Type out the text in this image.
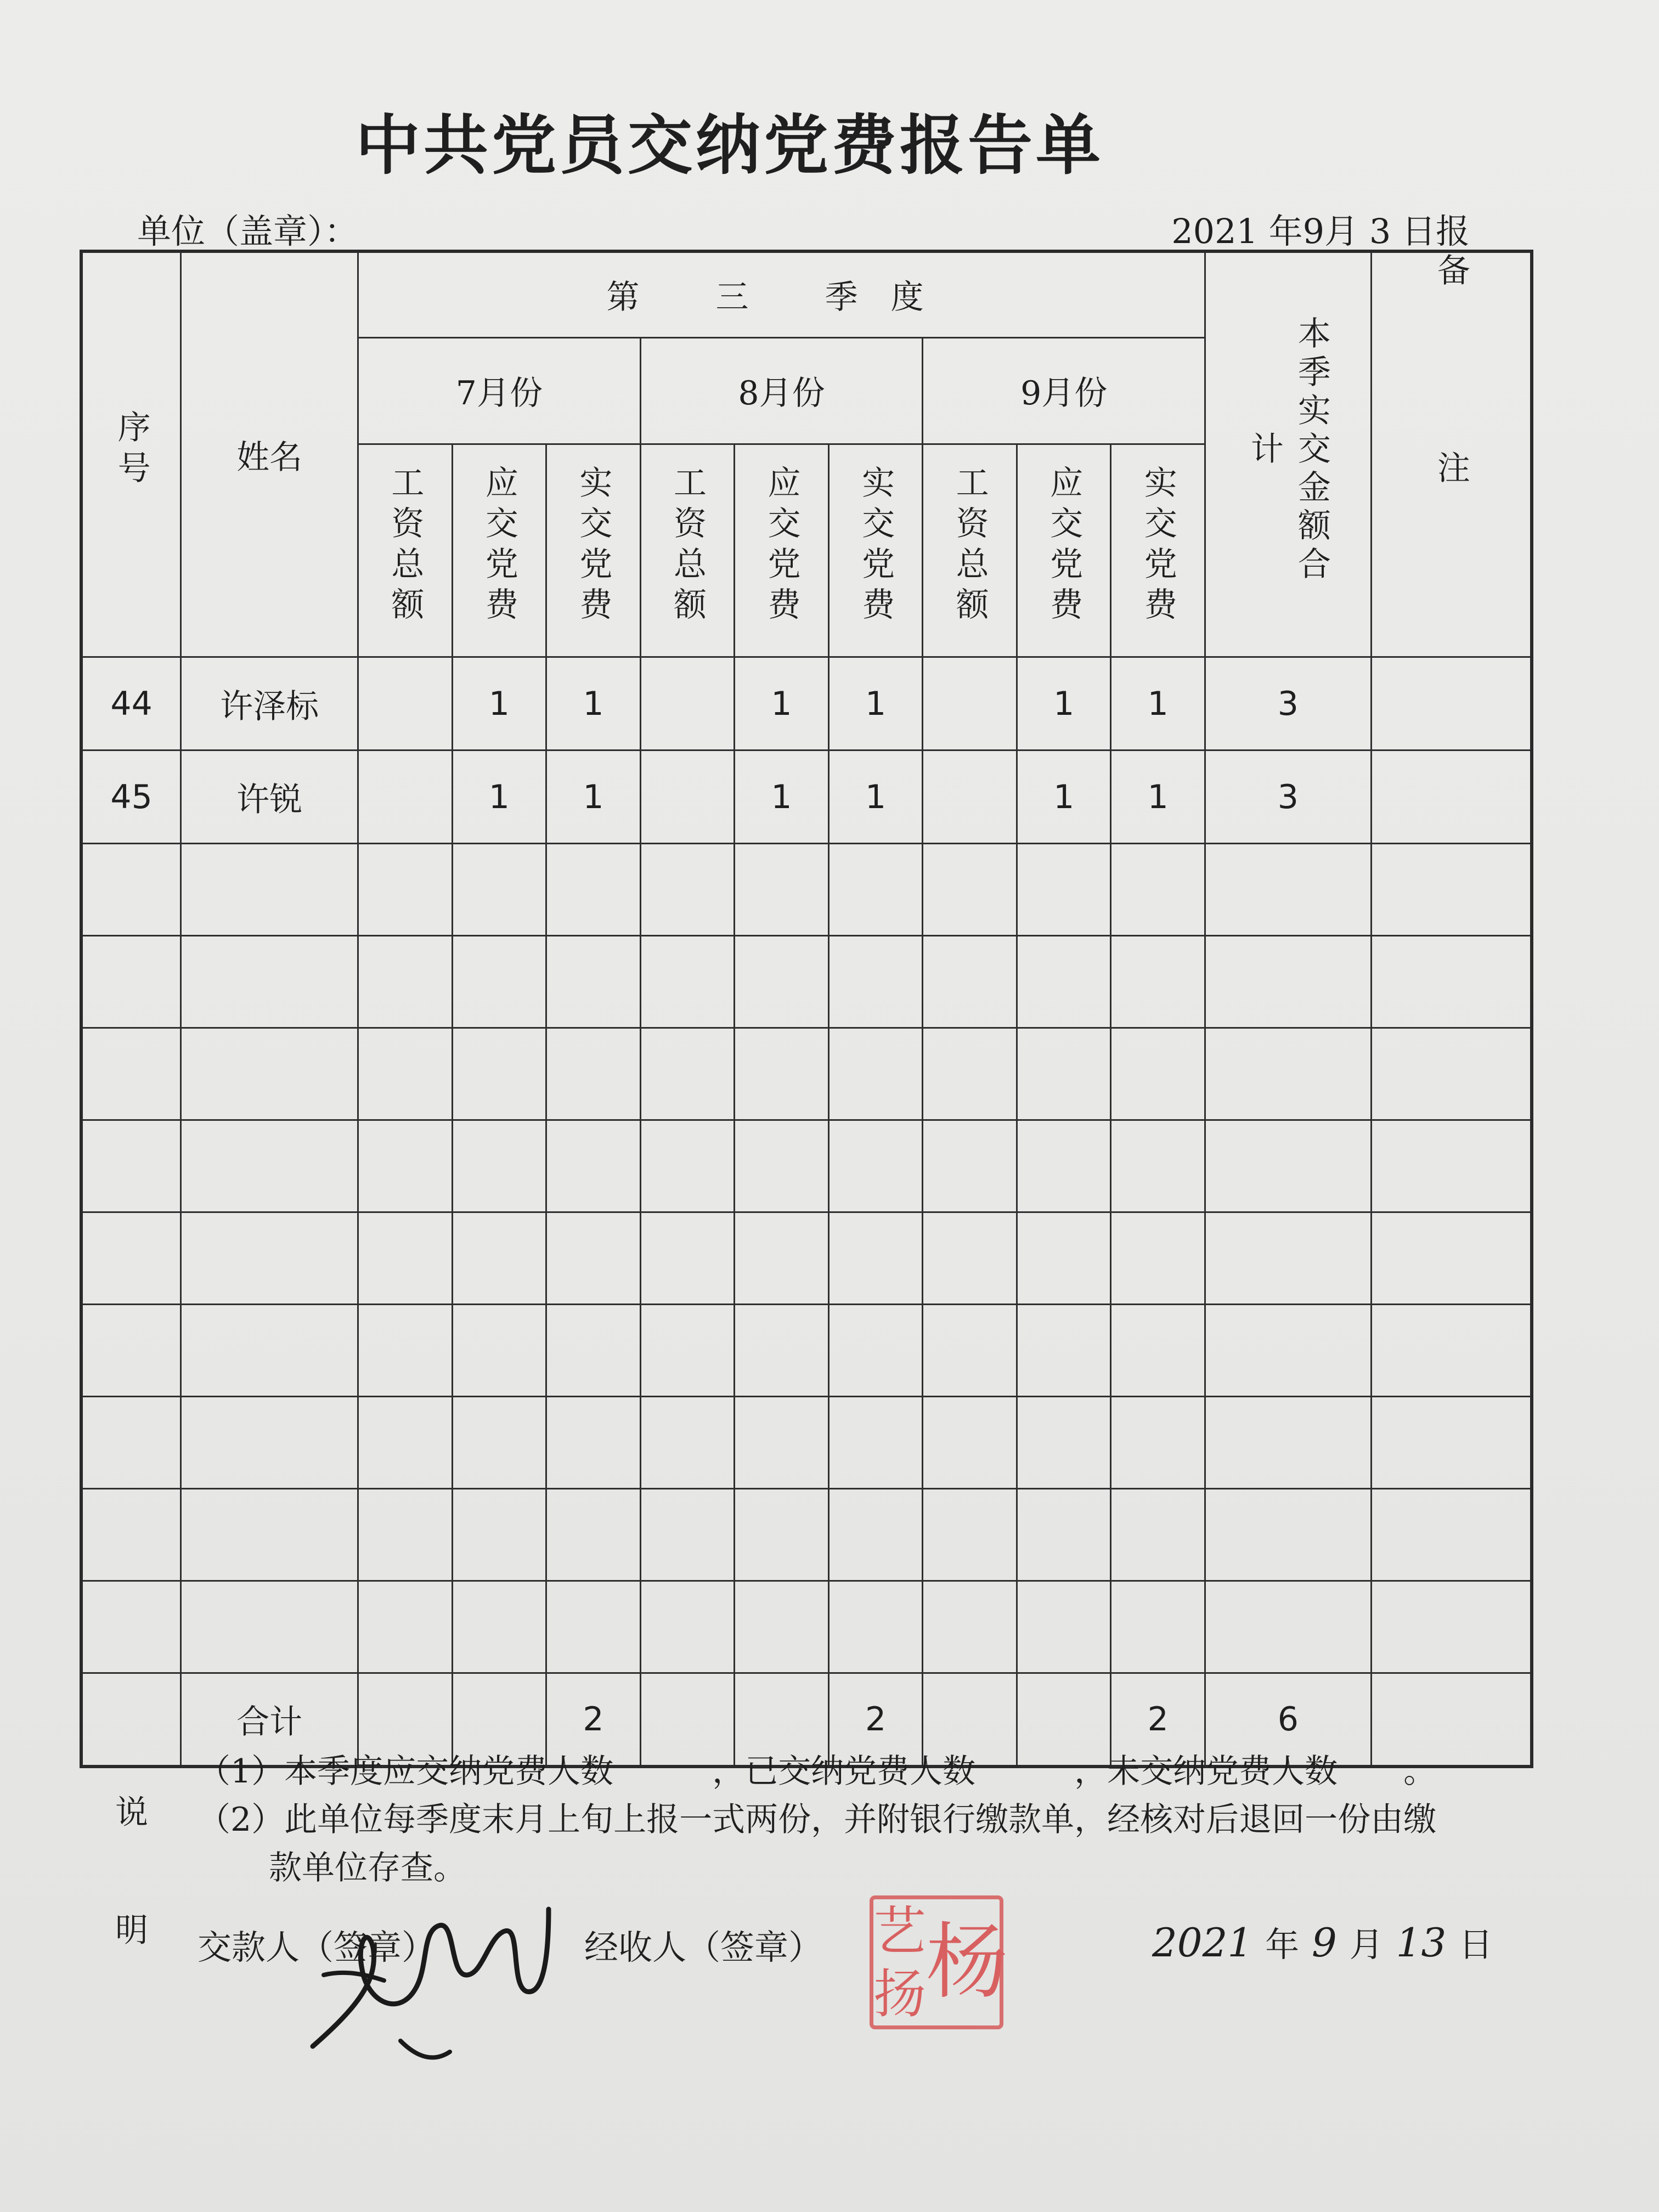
中共党员交纳党费报告单
单位（盖章）：	2021 年9月 3 日报
序号	姓名	第 三 季度									本季实交金额合计	备注
		7月份			8月份			9月份				
		工资总额	应交党费	实交党费	工资总额	应交党费	实交党费	工资总额	应交党费	实交党费		
44	许泽标		1	1		1	1		1	1	3	
45	许锐		1	1		1	1		1	1	3	

	合计			2			2			2	6	
说
明
（1）本季度应交纳党费人数　　　，已交纳党费人数　　　，未交纳党费人数　　。
（2）此单位每季度末月上旬上报一式两份，并附银行缴款单，经核对后退回一份由缴
款单位存查。
交款人（签章）	经收人（签章） 艺 杨
扬
2021 年 9 月 13 日
